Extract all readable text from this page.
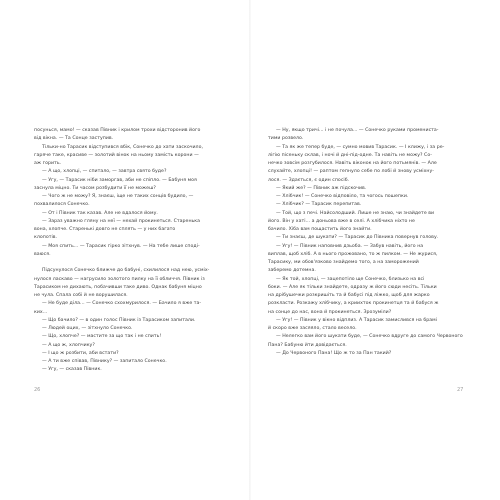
посунься, мамо! — сказав Півник і крилом трохи відсторонив його
від вікна. — Та Сонце заступив.
Тільки-но Тарасик відступився вбік, Сонечко до хати заскочило,
гаряче таке, красиве — золотий вінок на ньому замість корони —
аж горить.
— А що, хлопці, — спитало, — завтра свято буде?
— Угу, — Тарасик ніби заморгав, аби не спіпло. — Бабуня моя
заснула міцно. Ти часом розбудити її не можеш?
— Чого ж не можу? Я, знаєш, іще не таких сонців будило, —
похвалилося Сонечко.
— От і Півник так казав. Але не вдалося йому.
— Зараз уважно гляну на неї — нехай прокинеться. Старенька
вона, хлопче. Старенькі довго не сплять — у них багато
клопотів.
— Моя спить... — Тарасик гірко зітхнув. — На тебе лише споді-
ваюся.
Підсунулося Сонечко ближче до бабуні, схилилося над нею, усміх-
нулося ласкаво — нагрусило золотого пилку на її обличчя. Півник із
Тарасиком не дихають, побачивши таке диво. Однак бабуня міцно
не чула. Спала собі й не ворушилася.
— Не буде діла... — Сонечко схохмурилося. — Бачило я вже та-
ких...
— Що бачило? — в один голос Півник із Тарасиком запитали.
— Людей оцих, — зітхнуло Сонечко.
— Що, хлопче? — мастите за що так і не спить!
— А що ж, хлопчику?
— І що ж розбити, аби встати?
— А ти вже співав, Півнику? — запитало Сонечко.
— Угу, — сказав Півник.
26
— Ну, якщо тричі... і не почула... — Сонечко руками промениста-
тими розвело.
— Та як же тепер буде, — сумно мовив Тарасик. — І клижу, і за ре-
лігію пісеньку склав, і ночі й дні-під-одне. Та навіть не можу? Со-
нечко зовсім розгубилося. Навіть віконок на його потьмянів. — Але
слухайте, хлопці! — раптом гепнуло себе по лобі й знову усміхну-
лося. — Здається, є один спосіб.
— Який же? — Півник аж підскочив.
— Хлібчик! — Сонечко відповіло, та чогось пошепки.
— Хлібчик? — Тарасик перепитав.
— Той, що з печі. Найсолодший. Лише не знаю, чи знайдете ви
його. Він у хаті... а доньова вже в селі. А хлібчика ніхто не
бачило. Хіба вам пощастить його знайти.
— Ти знаєш, де шукати? — Тарасик до Півника повернув голову.
— Угу! — Півник наповнив дзьоба. — Забув навіть, його на
виплав, щоб хліб. А в нього прожовано, то ж пилком. — Не журися,
Тарасику, ми обов'язково знайдемо того, а на заморожений
заберемо дотемна.
— Як той, хлопці, — зацепотіло ще Сонечко, близько на всі
боки. — Але як тільки знайдете, одразу ж його сюди несіть. Тільки
на дрібушечки розкришіть та й бабусі під ліжко, щоб для жарко
розкласти. Розкажу хлібчику, а криихток прокинетця та й бабуся ж
на сонце до нас, вона й прокинеться. Зрозуміли?
— Угу! — Півник у вікно відплиз. А Тарасик замислився на брамі
й скоро вже засяяло, стало весело.
— Нелегко вам його шукати буде, — Сонечко вдруге до самого Червоного
Пана? Бабуню йти довідається.
— До Червоного Пана! Що ж то за Пан такий?
27
